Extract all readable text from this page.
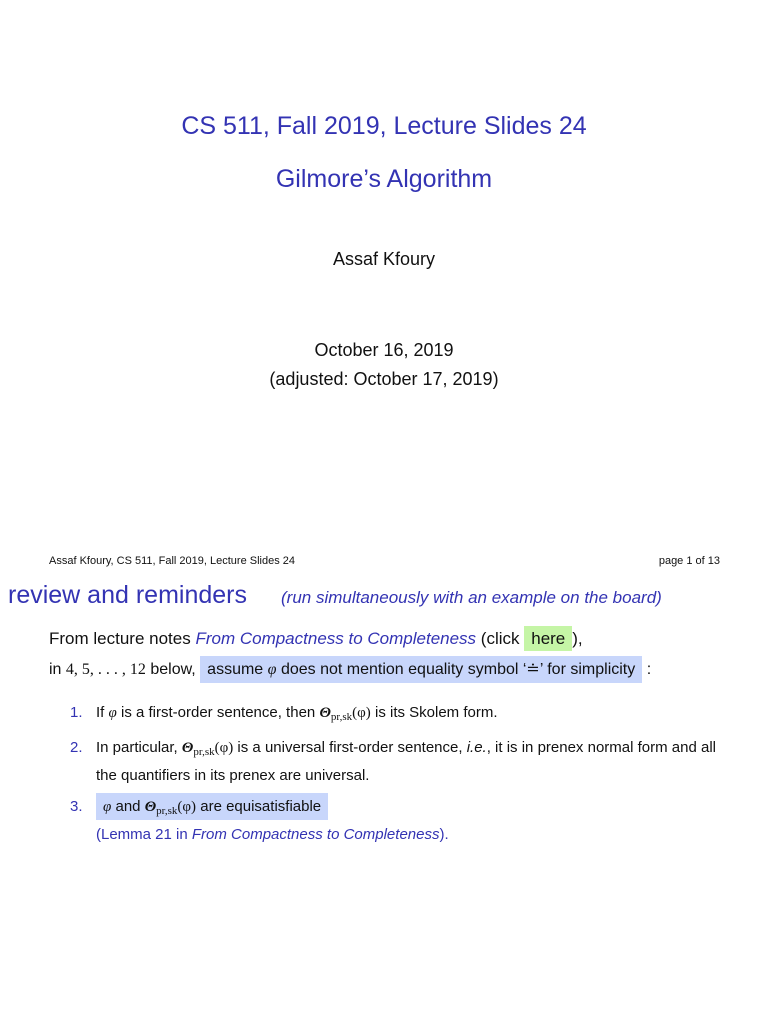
CS 511, Fall 2019, Lecture Slides 24
Gilmore’s Algorithm
Assaf Kfoury
October 16, 2019
(adjusted: October 17, 2019)
Assaf Kfoury, CS 511, Fall 2019, Lecture Slides 24	page 1 of 13
review and reminders (run simultaneously with an example on the board)
From lecture notes From Compactness to Completeness (click here ),
in 4, 5, . . . , 12 below, assume φ does not mention equality symbol ‘≐’ for simplicity :
1. If φ is a first-order sentence, then $\Theta_{pr,sk}(\varphi)$ is its Skolem form.
2. In particular, $\Theta_{pr,sk}(\varphi)$ is a universal first-order sentence, i.e., it is in prenex normal form and all the quantifiers in its prenex are universal.
3. φ and $\Theta_{pr,sk}(\varphi)$ are equisatisfiable
(Lemma 21 in From Compactness to Completeness).
